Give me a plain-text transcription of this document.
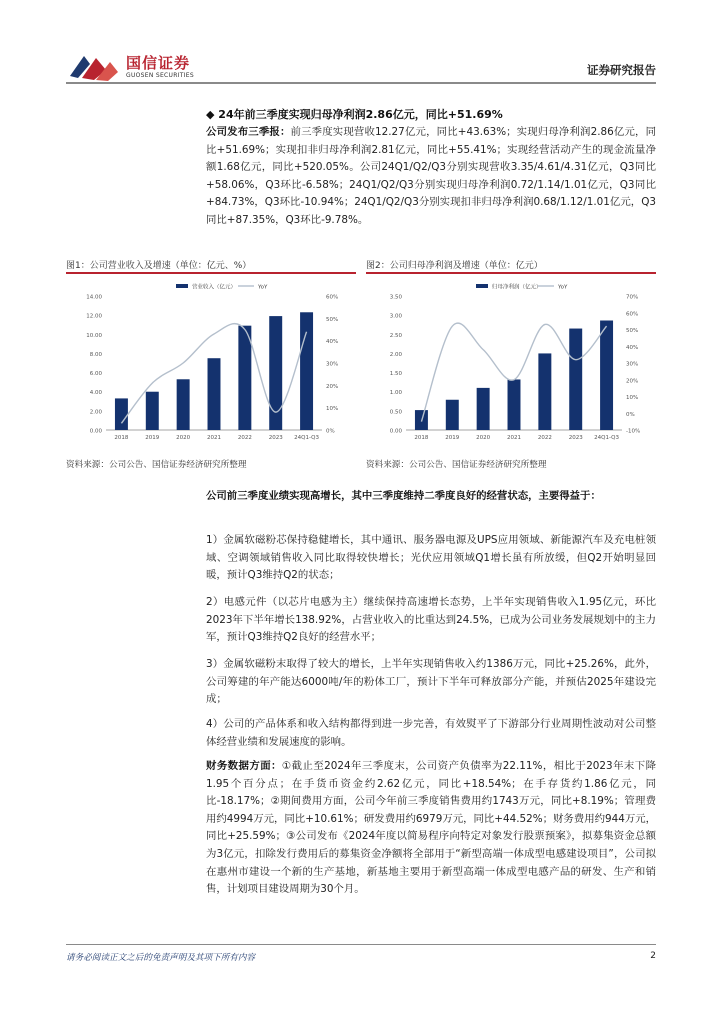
国信证券
GUOSEN SECURITIES	证券研究报告
◆ 24年前三季度实现归母净利润2.86亿元，同比+51.69%

公司发布三季报：前三季度实现营收12.27亿元，同比+43.63%；实现归母净利润2.86亿元，同比+51.69%；实现扣非归母净利润2.81亿元，同比+55.41%；实现经营活动产生的现金流量净额1.68亿元，同比+520.05%。公司24Q1/Q2/Q3分别实现营收3.35/4.61/4.31亿元，Q3同比+58.06%，Q3环比-6.58%；24Q1/Q2/Q3分别实现归母净利润0.72/1.14/1.01亿元，Q3同比+84.73%，Q3环比-10.94%；24Q1/Q2/Q3分别实现扣非归母净利润0.68/1.12/1.01亿元，Q3同比+87.35%，Q3环比-9.78%。

图1：公司营业收入及增速（单位：亿元、%）
0.00
2.00
4.00
6.00
8.00
10.00
12.00
14.00
0%
10%
20%
30%
40%
50%
60%
2018	2019	2020	2021	2022	2023 24Q1-Q3
营业收入（亿元）	YoY
资料来源：公司公告、国信证券经济研究所整理
图2：公司归母净利润及增速（单位：亿元）
0.00
0.50
1.00
1.50
2.00
2.50
3.00
3.50
-10%
0%
10%
20%
30%
40%
50%
60%
70%
2018	2019	2020	2021	2022	2023 24Q1-Q3
归母净利润（亿元）	YoY
资料来源：公司公告、国信证券经济研究所整理

公司前三季度业绩实现高增长，其中三季度维持二季度良好的经营状态，主要得益于：

1）金属软磁粉芯保持稳健增长，其中通讯、服务器电源及UPS应用领域、新能源汽车及充电桩领域、空调领域销售收入同比取得较快增长；光伏应用领域Q1增长虽有所放缓，但Q2开始明显回暖，预计Q3维持Q2的状态；

2）电感元件（以芯片电感为主）继续保持高速增长态势，上半年实现销售收入1.95亿元，环比2023年下半年增长138.92%，占营业收入的比重达到24.5%，已成为公司业务发展规划中的主力军，预计Q3维持Q2良好的经营水平；

3）金属软磁粉末取得了较大的增长，上半年实现销售收入约1386万元，同比+25.26%，此外，公司筹建的年产能达6000吨/年的粉体工厂，预计下半年可释放部分产能，并预估2025年建设完成；

4）公司的产品体系和收入结构都得到进一步完善，有效熨平了下游部分行业周期性波动对公司整体经营业绩和发展速度的影响。

财务数据方面：①截止至2024年三季度末，公司资产负债率为22.11%，相比于2023年末下降1.95个百分点；在手货币资金约2.62亿元，同比+18.54%；在手存货约1.86亿元，同比-18.17%；②期间费用方面，公司今年前三季度销售费用约1743万元，同比+8.19%；管理费用约4994万元，同比+10.61%；研发费用约6979万元，同比+44.52%；财务费用约944万元，同比+25.59%；③公司发布《2024年度以简易程序向特定对象发行股票预案》，拟募集资金总额为3亿元，扣除发行费用后的募集资金净额将全部用于“新型高端一体成型电感建设项目”，公司拟在惠州市建设一个新的生产基地，新基地主要用于新型高端一体成型电感产品的研发、生产和销售，计划项目建设周期为30个月。

请务必阅读正文之后的免责声明及其项下所有内容	2
